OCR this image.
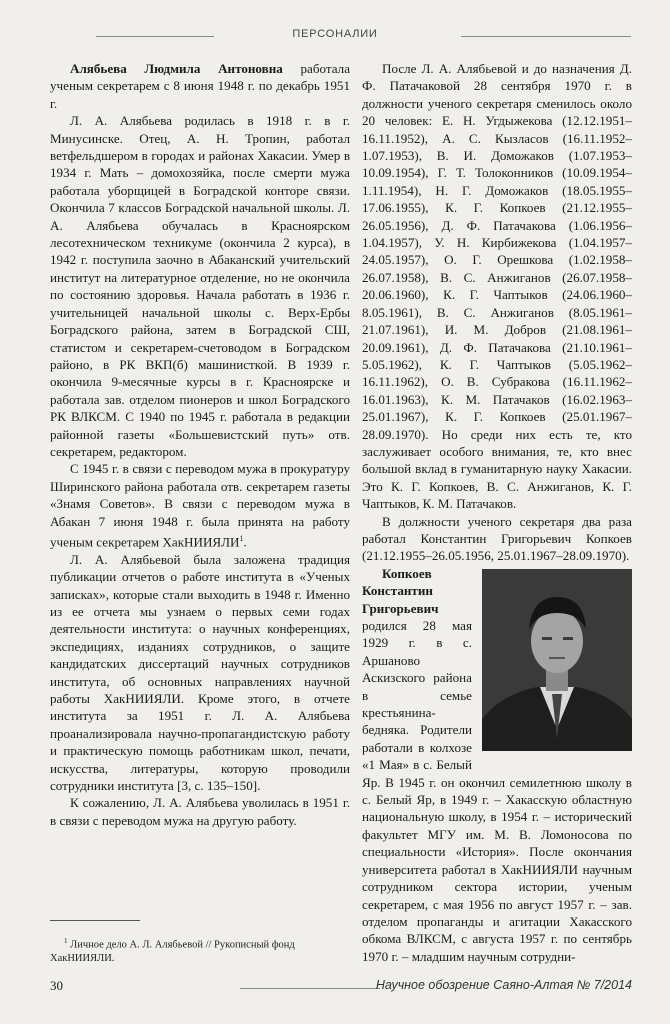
ПЕРСОНАЛИИ

Алябьева Людмила Антоновна работала ученым секретарем с 8 июня 1948 г. по декабрь 1951 г.

Л. А. Алябьева родилась в 1918 г. в г. Минусинске. Отец, А. Н. Тропин, работал ветфельдшером в городах и районах Хакасии. Умер в 1934 г. Мать – домохозяйка, после смерти мужа работала уборщицей в Боградской конторе связи. Окончила 7 классов Боградской начальной школы. Л. А. Алябьева обучалась в Красноярском лесотехническом техникуме (окончила 2 курса), в 1942 г. поступила заочно в Абаканский учительский институт на литературное отделение, но не окончила по состоянию здоровья. Начала работать в 1936 г. учительницей начальной школы с. Верх-Ербы Боградского района, затем в Боградской СШ, статистом и секретарем-счетоводом в Боградском районо, в РК ВКП(б) машинисткой. В 1939 г. окончила 9-месячные курсы в г. Красноярске и работала зав. отделом пионеров и школ Боградского РК ВЛКСМ. С 1940 по 1945 г. работала в редакции районной газеты «Большевистский путь» отв. секретарем, редактором.

С 1945 г. в связи с переводом мужа в прокуратуру Ширинского района работала отв. секретарем газеты «Знамя Советов». В связи с переводом мужа в Абакан 7 июня 1948 г. была принята на работу ученым секретарем ХакНИИЯЛИ$^1$.

Л. А. Алябьевой была заложена традиция публикации отчетов о работе института в «Ученых записках», которые стали выходить в 1948 г. Именно из ее отчета мы узнаем о первых семи годах деятельности института: о научных конференциях, экспедициях, изданиях сотрудников, о защите кандидатских диссертаций научных сотрудников института, об основных направлениях научной работы ХакНИИЯЛИ. Кроме этого, в отчете института за 1951 г. Л. А. Алябьева проанализировала научно-пропагандистскую работу и практическую помощь работникам школ, печати, искусства, литературы, которую проводили сотрудники института [3, с. 135–150].

К сожалению, Л. А. Алябьева уволилась в 1951 г. в связи с переводом мужа на другую работу.

После Л. А. Алябьевой и до назначения Д. Ф. Патачаковой 28 сентября 1970 г. в должности ученого секретаря сменилось около 20 человек: Е. Н. Угдыжекова (12.12.1951–16.11.1952), А. С. Кызласов (16.11.1952–1.07.1953), В. И. Доможаков (1.07.1953–10.09.1954), Г. Т. Толоконников (10.09.1954–1.11.1954), Н. Г. Доможаков (18.05.1955–17.06.1955), К. Г. Копкоев (21.12.1955–26.05.1956), Д. Ф. Патачакова (1.06.1956–1.04.1957), У. Н. Кирбижекова (1.04.1957–24.05.1957), О. Г. Орешкова (1.02.1958–26.07.1958), В. С. Анжиганов (26.07.1958–20.06.1960), К. Г. Чаптыков (24.06.1960–8.05.1961), В. С. Анжиганов (8.05.1961–21.07.1961), И. М. Добров (21.08.1961–20.09.1961), Д. Ф. Патачакова (21.10.1961–5.05.1962), К. Г. Чаптыков (5.05.1962–16.11.1962), О. В. Субракова (16.11.1962–16.01.1963), К. М. Патачаков (16.02.1963–25.01.1967), К. Г. Копкоев (25.01.1967–28.09.1970). Но среди них есть те, кто заслуживает особого внимания, те, кто внес большой вклад в гуманитарную науку Хакасии. Это К. Г. Копкоев, В. С. Анжиганов, К. Г. Чаптыков, К. М. Патачаков.

В должности ученого секретаря два раза работал Константин Григорьевич Копкоев (21.12.1955–26.05.1956, 25.01.1967–28.09.1970).

Копкоев Константин Григорьевич родился 28 мая 1929 г. в с. Аршаново Аскизского района в семье крестьянина-бедняка. Родители работали в колхозе «1 Мая» в с. Белый Яр. В 1945 г. он окончил семилетнюю школу в с. Белый Яр, в 1949 г. – Хакасскую областную национальную школу, в 1954 г. – исторический факультет МГУ им. М. В. Ломоносова по специальности «История». После окончания университета работал в ХакНИИЯЛИ научным сотрудником сектора истории, ученым секретарем, с мая 1956 по август 1957 г. – зав. отделом пропаганды и агитации Хакасского обкома ВЛКСМ, с августа 1957 г. по сентябрь 1970 г. – младшим научным сотрудни-

$^1$ Личное дело А. Л. Алябьевой // Рукописный фонд ХакНИИЯЛИ.
30	Научное обозрение Саяно-Алтая № 7/2014
